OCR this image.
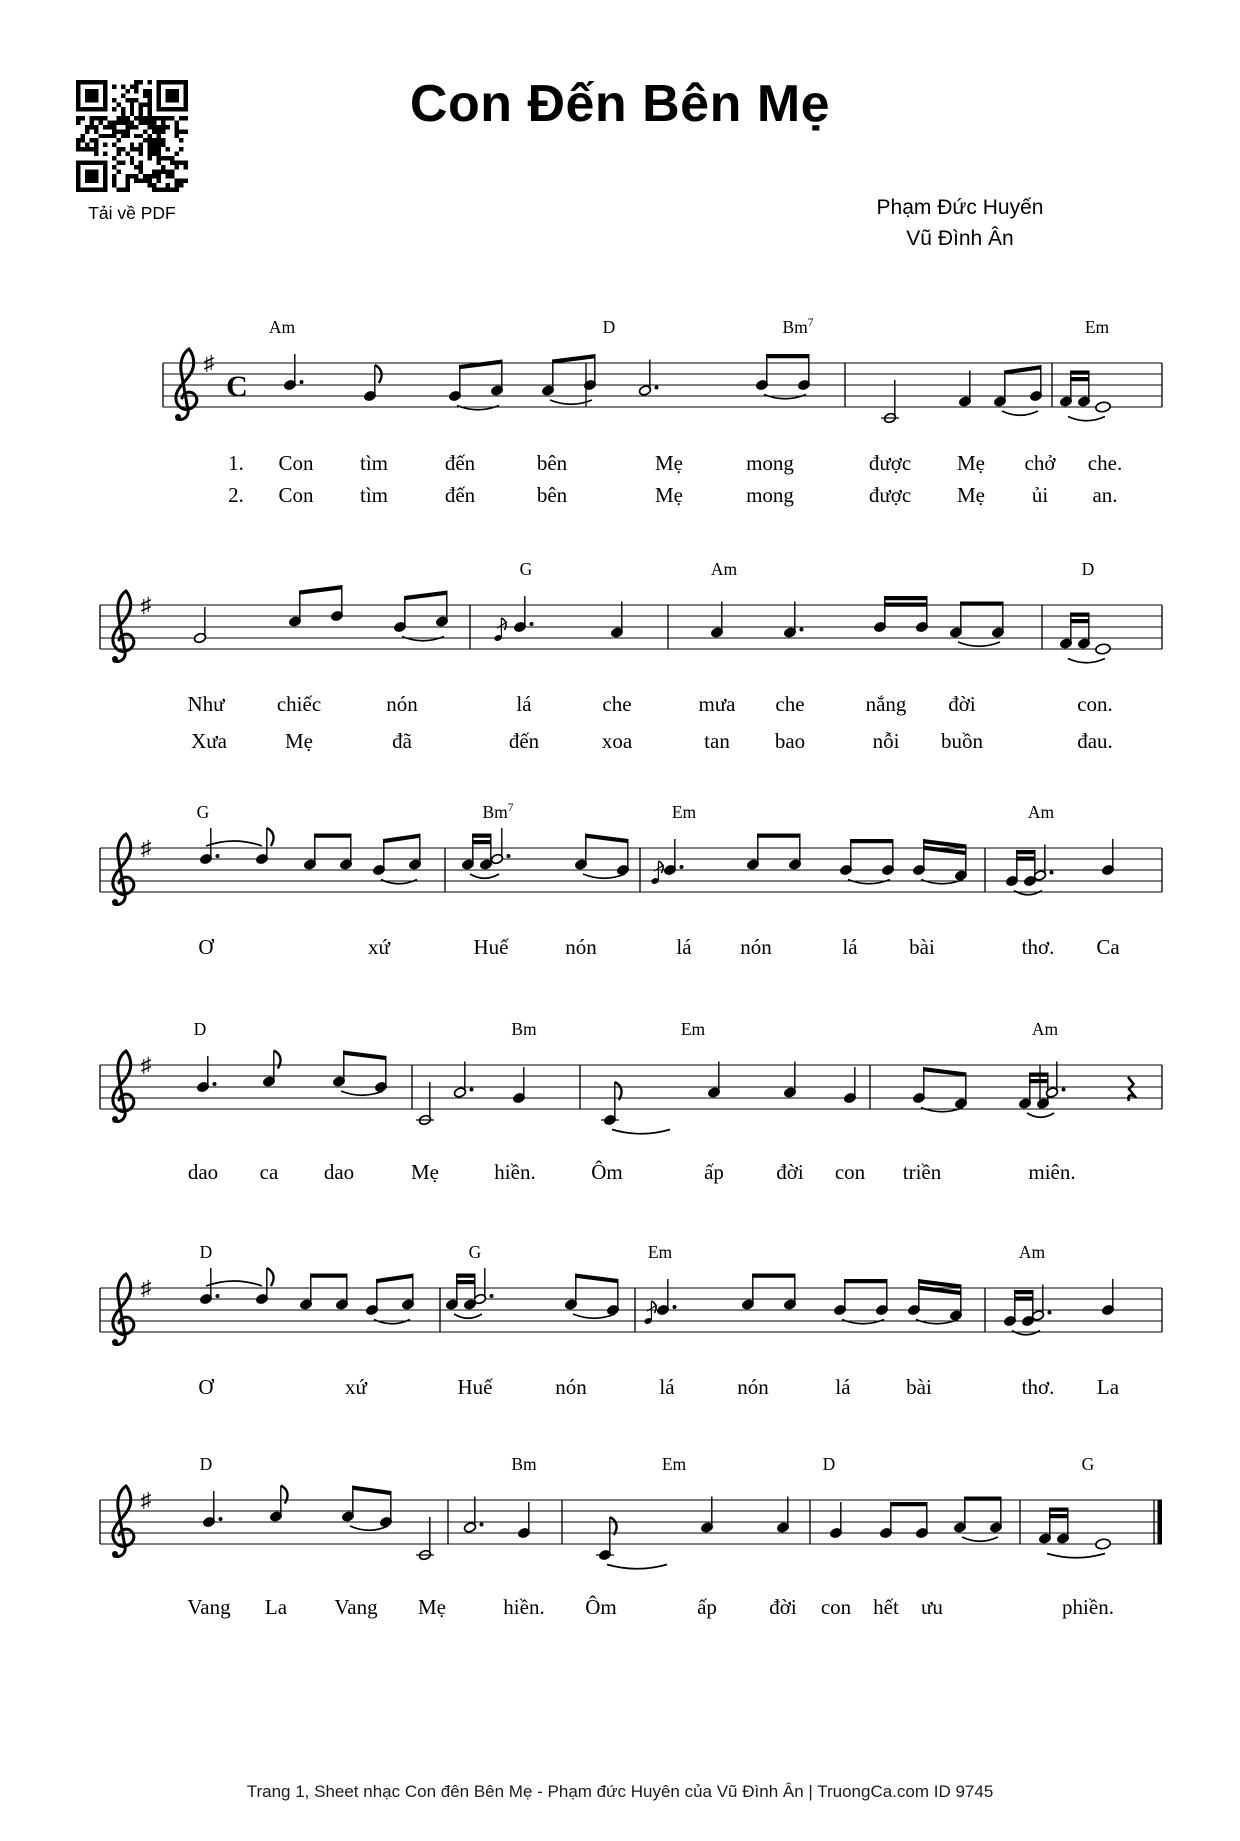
Tải về PDF
Con Đến Bên Mẹ
Phạm Đức Huyến
Vũ Đình Ân
♯
C
Am	D	Bm$^7$	Em
1. Con tìm	đến	bên	Mẹ	mong	được Mẹ chở che.
2. Con tìm	đến	bên	Mẹ	mong	được Mẹ ủi an.
♯
G	Am	D
Như chiếc	nón	lá	che	mưa che	nắng đời	con.
Xưa	Mẹ	đã	đến	xoa	tan bao	nỗi buồn	đau.
♯
G	Bm$^7$	Em	Am
Ơ	xứ	Huế	nón	lá nón	lá bài	thơ. Ca
♯
D	Bm	Em	Am
dao ca dao	Mẹ	hiền.	Ôm	ấp đời con triền	miên.
♯
D	G	Em	Am
Ơ	xứ	Huế	nón	lá	nón	lá	bài	thơ. La
♯
D	Bm	Em	D	G
Vang La Vang Mẹ	hiền. Ôm	ấp đời con hết ưu	phiền.
Trang 1, Sheet nhạc Con đên Bên Mẹ - Phạm đức Huyên của Vũ Đình Ân | TruongCa.com ID 9745
